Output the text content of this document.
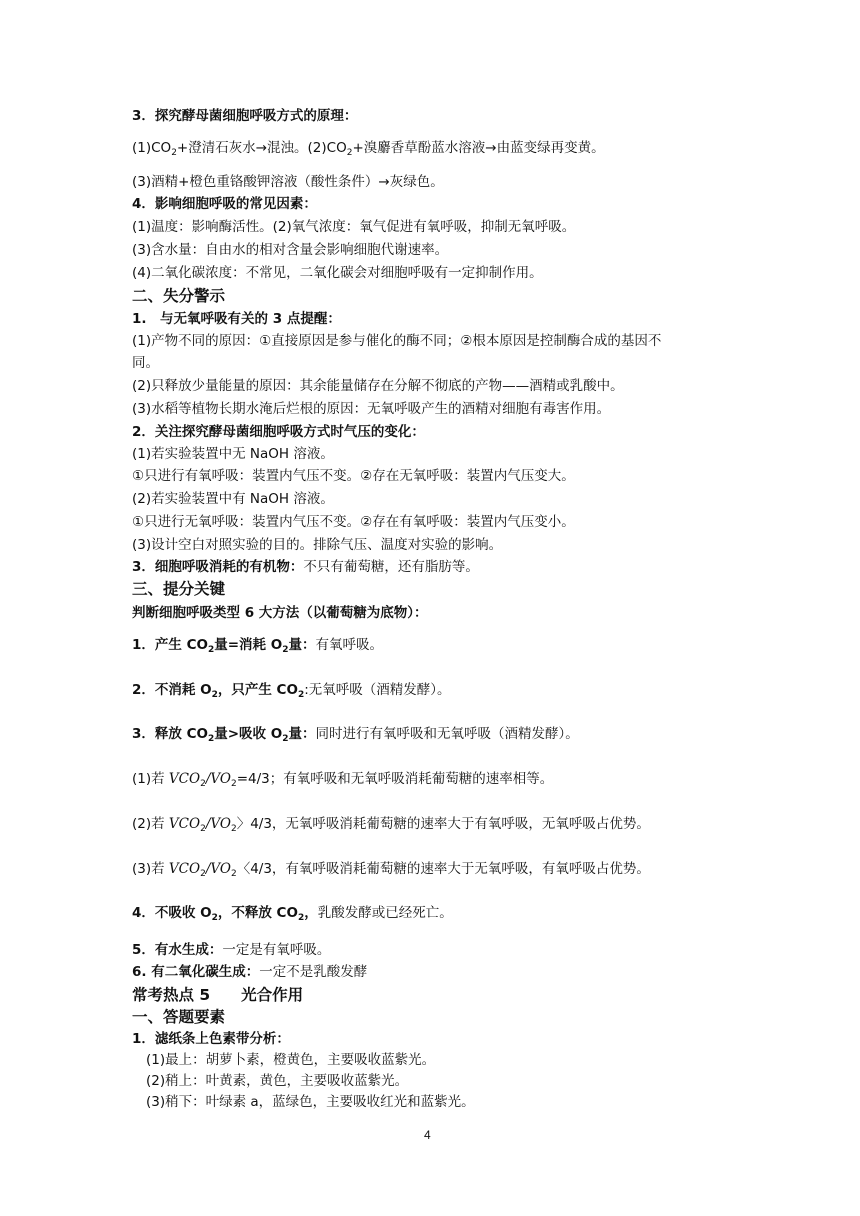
3．探究酵母菌细胞呼吸方式的原理：
$(1)CO_2+$澄清石灰水→混浊。$(2)CO_2+$溴麝香草酚蓝水溶液→由蓝变绿再变黄。
(3)酒精+橙色重铬酸钾溶液（酸性条件）→灰绿色。
4．影响细胞呼吸的常见因素：
(1)温度：影响酶活性。(2)氧气浓度：氧气促进有氧呼吸，抑制无氧呼吸。
(3)含水量：自由水的相对含量会影响细胞代谢速率。
(4)二氧化碳浓度：不常见，二氧化碳会对细胞呼吸有一定抑制作用。
二、失分警示
1.　与无氧呼吸有关的 3 点提醒：
(1)产物不同的原因：①直接原因是参与催化的酶不同；②根本原因是控制酶合成的基因不
同。
(2)只释放少量能量的原因：其余能量储存在分解不彻底的产物——酒精或乳酸中。
(3)水稻等植物长期水淹后烂根的原因：无氧呼吸产生的酒精对细胞有毒害作用。
2．关注探究酵母菌细胞呼吸方式时气压的变化：
(1)若实验装置中无 NaOH 溶液。
①只进行有氧呼吸：装置内气压不变。②存在无氧呼吸：装置内气压变大。
(2)若实验装置中有 NaOH 溶液。
①只进行无氧呼吸：装置内气压不变。②存在有氧呼吸：装置内气压变小。
(3)设计空白对照实验的目的。排除气压、温度对实验的影响。
3．细胞呼吸消耗的有机物：不只有葡萄糖，还有脂肪等。
三、提分关键
判断细胞呼吸类型 6 大方法（以葡萄糖为底物）：
1．产生 $CO_2$量=消耗 $O_2$量：有氧呼吸。
2．不消耗 $O_2$，只产生 $CO_2$:无氧呼吸（酒精发酵）。
3．释放 $CO_2$量>吸收 $O_2$量：同时进行有氧呼吸和无氧呼吸（酒精发酵）。
(1)若 $VCO_2/VO_2=4/3$；有氧呼吸和无氧呼吸消耗葡萄糖的速率相等。
(2)若 $VCO_2/VO_2$〉4/3，无氧呼吸消耗葡萄糖的速率大于有氧呼吸，无氧呼吸占优势。
(3)若 $VCO_2/VO_2$〈4/3，有氧呼吸消耗葡萄糖的速率大于无氧呼吸，有氧呼吸占优势。
4．不吸收 $O_2$，不释放 $CO_2$，乳酸发酵或已经死亡。
5．有水生成：一定是有氧呼吸。
6. 有二氧化碳生成：一定不是乳酸发酵
常考热点 5　　光合作用
一、答题要素
1．滤纸条上色素带分析：
(1)最上：胡萝卜素，橙黄色，主要吸收蓝紫光。
(2)稍上：叶黄素，黄色，主要吸收蓝紫光。
(3)稍下：叶绿素 a，蓝绿色，主要吸收红光和蓝紫光。
4
